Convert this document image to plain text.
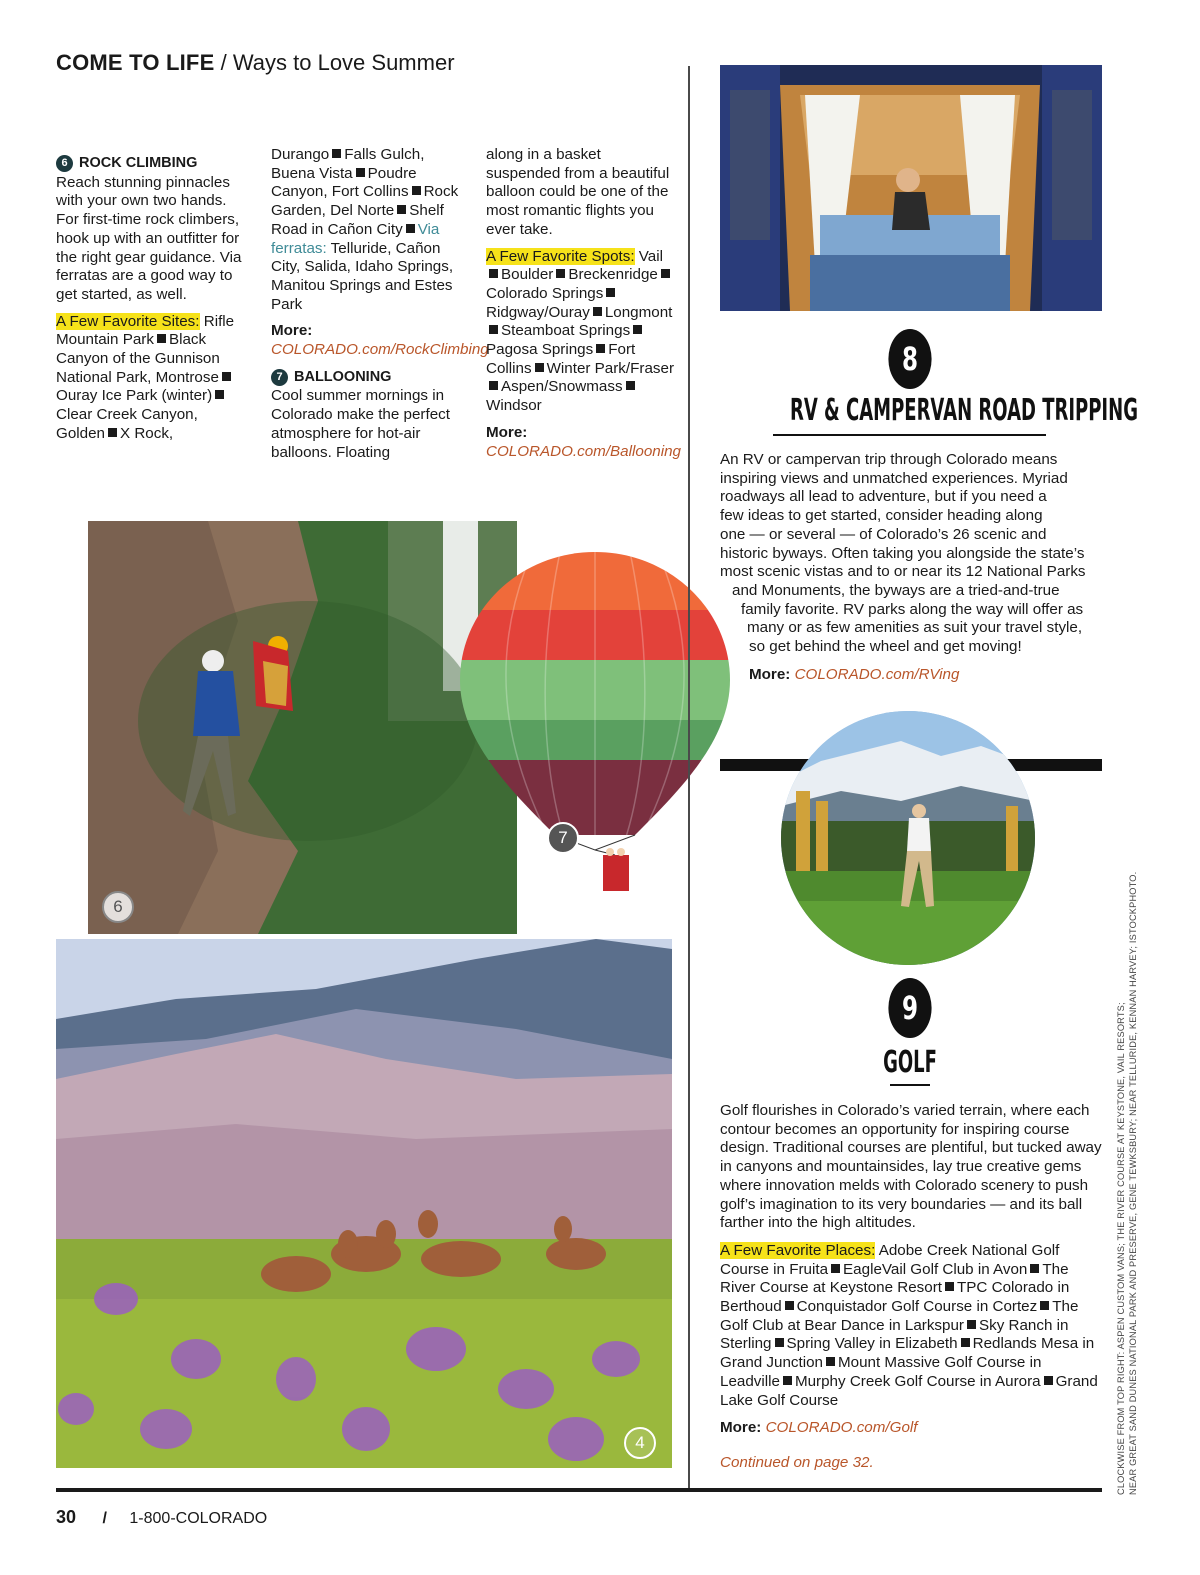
COME TO LIFE / Ways to Love Summer
6 ROCK CLIMBING

Reach stunning pinnacles with your own two hands. For first-time rock climbers, hook up with an outfitter for the right gear guidance. Via ferratas are a good way to get started, as well.

A Few Favorite Sites: Rifle Mountain Park Black Canyon of the Gunnison National Park, MontroseOuray Ice Park (winter)Clear Creek Canyon, Golden X Rock,

Durango Falls Gulch, Buena Vista Poudre Canyon, Fort Collins Rock Garden, Del Norte Shelf Road in Cañon City Via ferratas: Telluride, Cañon City, Salida, Idaho Springs, Manitou Springs and Estes Park

More: COLORADO.com/RockClimbing

7 BALLOONING

Cool summer mornings in Colorado make the perfect atmosphere for hot-air balloons. Floating

along in a basket suspended from a beautiful balloon could be one of the most romantic flights you ever take.

A Few Favorite Spots: VailBoulder BreckenridgeColorado SpringsRidgway/Ouray LongmontSteamboat SpringsPagosa Springs Fort Collins Winter Park/FraserAspen/SnowmassWindsor

More: COLORADO.com/Ballooning

6
7
4
8
RV & CAMPERVAN ROAD TRIPPING
An RV or campervan trip through Colorado means
inspiring views and unmatched experiences. Myriad
roadways all lead to adventure, but if you need a
few ideas to get started, consider heading along
one — or several — of Colorado’s 26 scenic and
historic byways. Often taking you alongside the state’s
most scenic vistas and to or near its 12 National Parks
and Monuments, the byways are a tried-and-true
family favorite. RV parks along the way will offer as
many or as few amenities as suit your travel style,
so get behind the wheel and get moving!
More: COLORADO.com/RVing
9
GOLF

Golf flourishes in Colorado’s varied terrain, where each contour becomes an opportunity for inspiring course design. Traditional courses are plentiful, but tucked away in canyons and mountainsides, lay true creative gems where innovation melds with Colorado scenery to push golf’s imagination to its very boundaries — and its ball farther into the high altitudes.

A Few Favorite Places: Adobe Creek National Golf Course in Fruita EagleVail Golf Club in Avon The River Course at Keystone Resort TPC Colorado in Berthoud Conquistador Golf Course in Cortez The Golf Club at Bear Dance in Larkspur Sky Ranch in Sterling Spring Valley in Elizabeth Redlands Mesa in Grand Junction Mount Massive Golf Course in Leadville Murphy Creek Golf Course in Aurora Grand Lake Golf Course

More: COLORADO.com/Golf

Continued on page 32.	CLOCKWISE FROM TOP RIGHT: ASPEN CUSTOM VANS; THE RIVER COURSE AT KEYSTONE, VAIL RESORTS; NEAR GREAT SAND DUNES NATIONAL PARK AND PRESERVE, GENE TEWKSBURY; NEAR TELLURIDE, KENNAN HARVEY; ISTOCKPHOTO.
30 / 1-800-COLORADO
